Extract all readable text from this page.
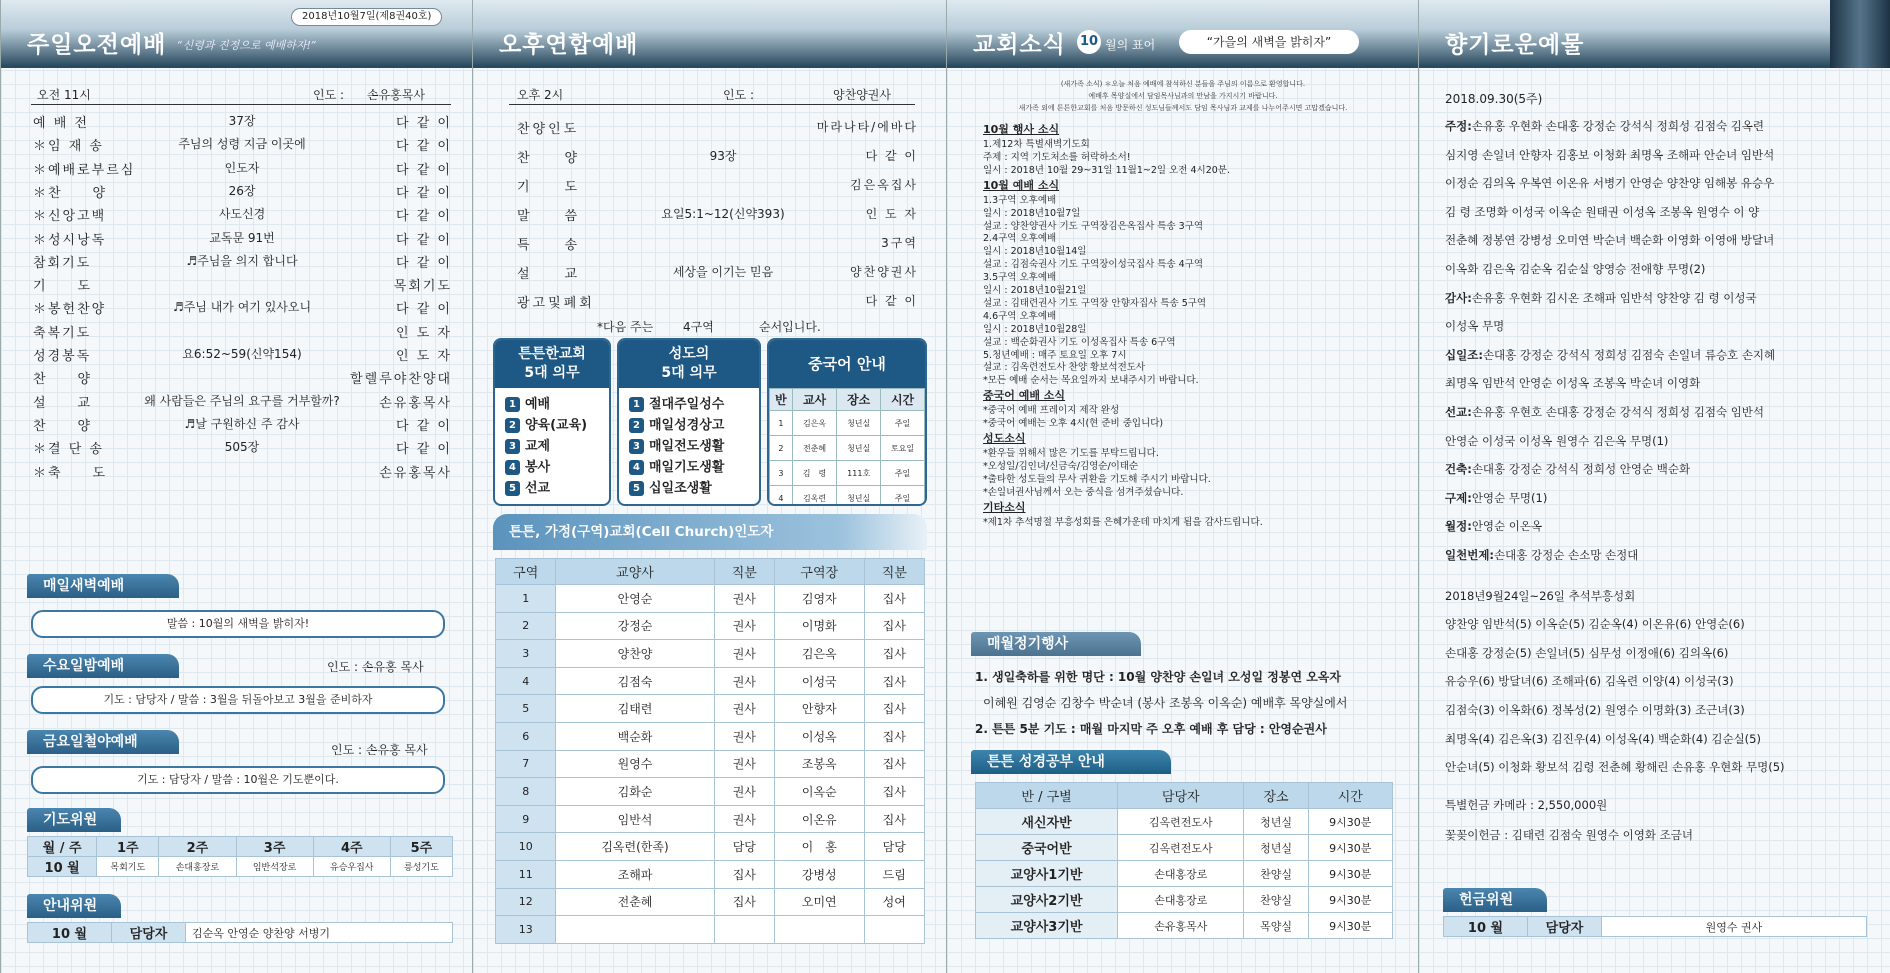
주일오전예배 “신령과 진정으로 예배하자!”
2018년10월7일(제8권40호)
오전 11시	인도 : 손유홍목사
예 배 전	37장	다 같 이
＊임 재 송	주님의 성령 지금 이곳에	다 같 이
＊예배로부르심	인도자	다 같 이
＊찬　　양	26장	다 같 이
＊신앙고백	사도신경	다 같 이
＊성시낭독	교독문 91번	다 같 이
참회기도	♬주님을 의지 합니다	다 같 이
기　　도	목회기도
＊봉헌찬양	♬주님 내가 여기 있사오니	다 같 이
축복기도	인 도 자
성경봉독	요6:52~59(신약154)	인 도 자
찬　　양	할렐루야찬양대
설　　교	왜 사람들은 주님의 요구를 거부할까?	손유홍목사
찬　　양	♬날 구원하신 주 감사	다 같 이
＊결 단 송	505장	다 같 이
＊축　　도	손유홍목사
매일새벽예배
말씀 : 10월의 새벽을 밝히자!
수요일밤예배	인도 : 손유홍 목사
기도 : 담당자 / 말씀 : 3월을 뒤돌아보고 3월을 준비하자
금요일철야예배	인도 : 손유홍 목사
기도 : 담당자 / 말씀 : 10월은 기도뿐이다.
기도위원
월 / 주	1주	2주	3주	4주	5주
10 월	목회기도	손대홍장로	임반석장로	유승우집사	릉성기도
안내위원
10 월	담당자	김순옥 안영순 양찬양 서병기
오후연합예배
오후 2시	인도 :	양찬양권사
찬양인도	마라나타/에바다
찬　　양	93장	다 같 이
기　　도	김은옥집사
말　　씀	요일5:1~12(신약393)	인 도 자
특　　송	3구역
설　　교	세상을 이기는 믿음	양찬양권사
광고및폐회	다 같 이
*다음 주는 4구역	순서입니다.
튼튼한교회
5대 의무
1 예배
2 양육(교육)
3 교제
4 봉사
5 선교
성도의
5대 의무
1 절대주일성수
2 매일성경상고
3 매일전도생활
4 매일기도생활
5 십일조생활
중국어 안내
반	교사	장소	시간
1	김은옥	청년실	주일
2	전춘혜	청년실	토요일
3	김　령	111호	주일
4	김옥련	청년실	주일
튼튼, 가정(구역)교회(Cell Church)인도자
구역	교양사	직분	구역장	직분
1	안영순	권사	김영자	집사
2	강정순	권사	이명화	집사
3	양찬양	권사	김은옥	집사
4	김점숙	권사	이성국	집사
5	김태련	권사	안향자	집사
6	백순화	권사	이성옥	집사
7	원영수	권사	조봉옥	집사
8	김화순	권사	이옥순	집사
9	임반석	권사	이온유	집사
10	김옥련(한족)	담당	이　홍	담당
11	조해파	집사	강병성	드림
12	전춘혜	집사	오미연	성여
13				
교회소식 10 월의 표어	“가을의 새벽을 밝히자”
(새가족 소식) ＊오늘 처음 예배에 참석하신 분들을 주님의 이름으로 환영합니다.
예배후 목양실에서 담임목사님과의 만남을 가지시기 바랍니다.
새가족 외에 튼튼한교회를 처음 방문하신 성도님들께서도 담임 목사님과 교제를 나누어주시면 고맙겠습니다.
10월 행사 소식
1.제12차 특별새벽기도회
주제 : 지역 기도처소를 허락하소서!
일시 : 2018년 10월 29~31일 11월1~2일 오전 4시20분.
10월 예배 소식
1.3구역 오후예배
일시 : 2018년10월7일
설교 : 양찬양권사 기도 구역장김은옥집사 특송 3구역
2.4구역 오후예배
일시 : 2018년10월14일
설교 : 김점숙권사 기도 구역장이성국집사 특송 4구역
3.5구역 오후예배
일시 : 2018년10월21일
설교 : 김태련권사 기도 구역장 안향자집사 특송 5구역
4.6구역 오후예배
일시 : 2018년10월28일
설교 : 백순화권사 기도 이성옥집사 특송 6구역
5.청년예배 : 매주 토요일 오후 7시
설교 : 김옥련전도사 찬양 황보석전도사
*모든 예배 순서는 목요일까지 보내주시기 바랍니다.
중국어 예배 소식
*중국어 예배 프레이지 제작 완성
*중국어 예배는 오후 4시(현 준비 중입니다)
성도소식
*환우들 위해서 많은 기도를 부탁드립니다.
*오성일/김인녀/신금숙/김영순/이태순
*출타한 성도들의 무사 귀환을 기도해 주시기 바랍니다.
*손일녀권사님께서 오는 중식을 섬겨주셨습니다.
기타소식
*제1차 추석명절 부흥성회를 은혜가운데 마치게 됨을 감사드립니다.
매월정기행사
1. 생일축하를 위한 명단 : 10월 양찬양 손일녀 오성일 정봉연 오옥자
이혜원 김영순 김창수 박순녀 (봉사 조봉옥 이옥순) 예배후 목양실에서
2. 튼튼 5분 기도 : 매월 마지막 주 오후 예배 후 담당 : 안영순권사
튼튼 성경공부 안내
반 / 구별	담당자	장소	시간
새신자반	김옥련전도사	청년실	9시30분
중국어반	김옥련전도사	청년실	9시30분
교양사1기반	손대홍장로	찬양실	9시30분
교양사2기반	손대홍장로	찬양실	9시30분
교양사3기반	손유홍목사	목양실	9시30분
향기로운예물
2018.09.30(5주)
주정:손유홍 우현화 손대홍 강정순 강석식 정희성 김점숙 김옥련
심지영 손일녀 안향자 김홍보 이청화 최명옥 조해파 안순녀 임반석
이정순 김의옥 우복연 이온유 서병기 안영순 양찬양 임해봉 유승우
김 령 조명화 이성국 이옥순 원태권 이성옥 조봉옥 원영수 이 양
전춘혜 정봉연 강병성 오미연 박순녀 백순화 이영화 이영애 방달녀
이옥화 김은옥 김순옥 김순실 양영승 전애향 무명(2)
감사:손유홍 우현화 김시온 조해파 임반석 양찬양 김 령 이성국
이성옥 무명
십일조:손대홍 강정순 강석식 정희성 김점숙 손일녀 류승호 손지혜
최명옥 임반석 안영순 이성옥 조봉옥 박순녀 이영화
선교:손유홍 우현호 손대홍 강정순 강석식 정희성 김점숙 임반석
안영순 이성국 이성옥 원영수 김은옥 무명(1)
건축:손대홍 강정순 강석식 정희성 안영순 백순화
구제:안영순 무명(1)
월정:안영순 이온옥
일천번제:손대홍 강정순 손소망 손정대
2018년9월24일~26일 추석부흥성회
양찬양 임반석(5) 이옥순(5) 김순옥(4) 이온유(6) 안영순(6)
손대홍 강정순(5) 손일녀(5) 심무성 이정애(6) 김의옥(6)
유승우(6) 방달녀(6) 조해파(6) 김옥련 이양(4) 이성국(3)
김점숙(3) 이옥화(6) 정복성(2) 원영수 이명화(3) 조근녀(3)
최명옥(4) 김은옥(3) 김진우(4) 이성옥(4) 백순화(4) 김순실(5)
안순녀(5) 이청화 황보석 김령 전춘혜 황해린 손유홍 우현화 무명(5)
특별헌금 카메라 : 2,550,000원
꽃꽂이헌금 : 김태련 김점숙 원영수 이영화 조금녀
헌금위원
10 월	담당자	원영수 권사
